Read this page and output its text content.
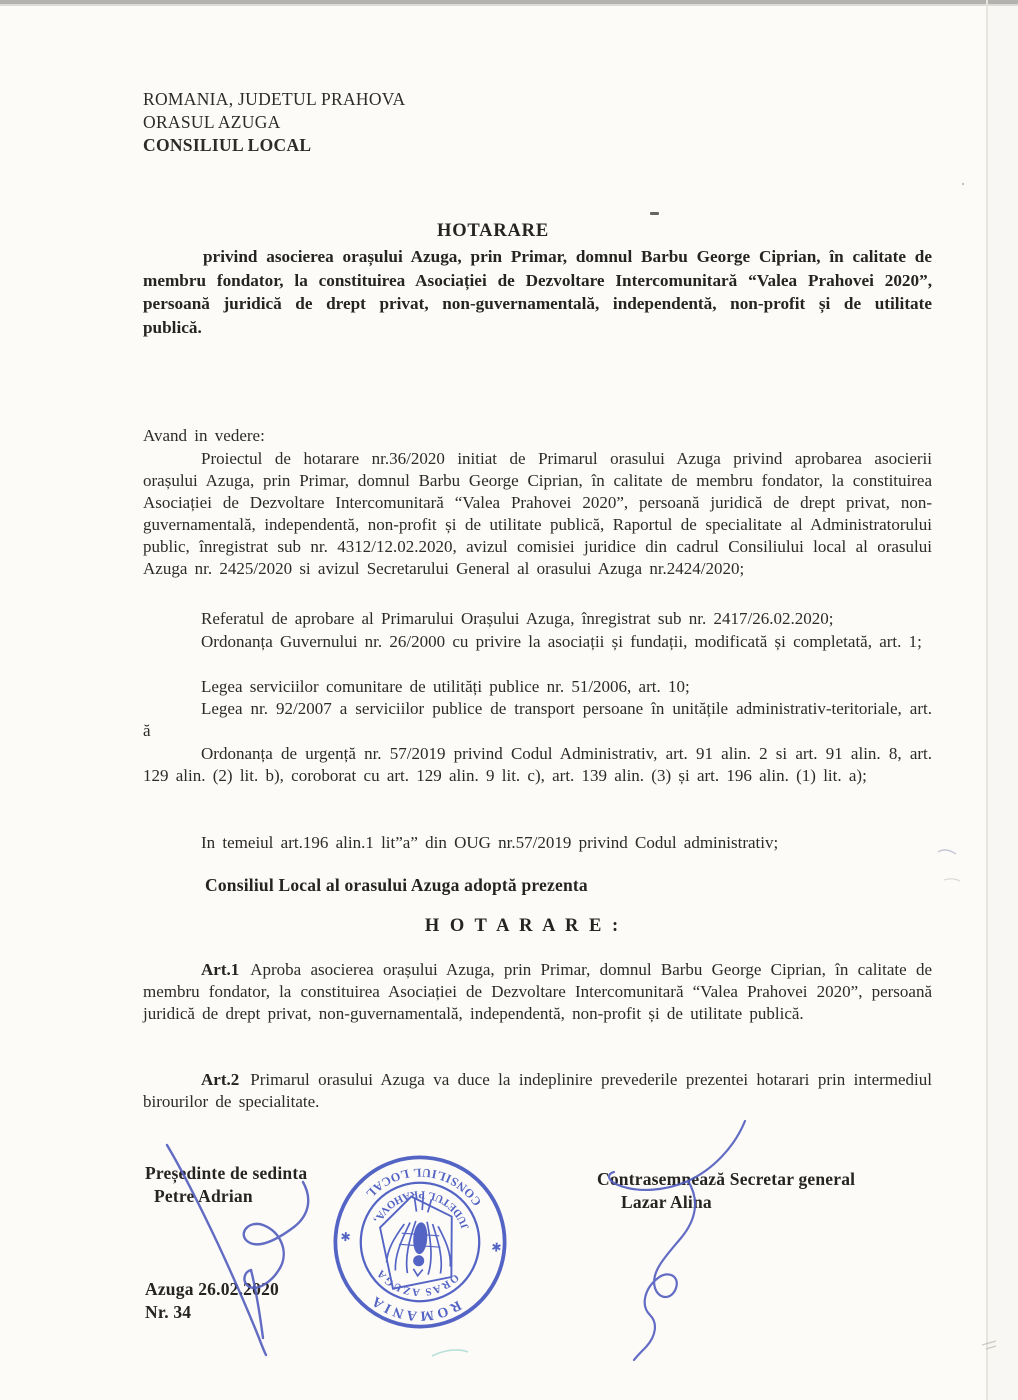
ROMANIA, JUDETUL PRAHOVA
ORASUL AZUGA
CONSILIUL LOCAL
HOTARARE

privind asocierea orașului Azuga, prin Primar, domnul Barbu George Ciprian, în calitate de membru fondator, la constituirea Asociației de Dezvoltare Intercomunitară “Valea Prahovei 2020”, persoană juridică de drept privat, non-guvernamentală, independentă, non-profit și de utilitate publică.

Avand in vedere:

Proiectul de hotarare nr.36/2020 initiat de Primarul orasului Azuga privind aprobarea asocierii orașului Azuga, prin Primar, domnul Barbu George Ciprian, în calitate de membru fondator, la constituirea Asociației de Dezvoltare Intercomunitară “Valea Prahovei 2020”, persoană juridică de drept privat, non-guvernamentală, independentă, non-profit și de utilitate publică, Raportul de specialitate al Administratorului public, înregistrat sub nr. 4312/12.02.2020, avizul comisiei juridice din cadrul Consiliului local al orasului Azuga nr. 2425/2020 si avizul Secretarului General al orasului Azuga nr.2424/2020;

Referatul de aprobare al Primarului Orașului Azuga, înregistrat sub nr. 2417/26.02.2020;

Ordonanța Guvernului nr. 26/2000 cu privire la asociații și fundații, modificată și completată, art. 1;

Legea serviciilor comunitare de utilități publice nr. 51/2006, art. 10;

Legea nr. 92/2007 a serviciilor publice de transport persoane în unitățile administrativ-teritoriale, art. ă

Ordonanța de urgență nr. 57/2019 privind Codul Administrativ, art. 91 alin. 2 si art. 91 alin. 8, art. 129 alin. (2) lit. b), coroborat cu art. 129 alin. 9 lit. c), art. 139 alin. (3) și art. 196 alin. (1) lit. a);

In temeiul art.196 alin.1 lit”a” din OUG nr.57/2019 privind Codul administrativ;

Consiliul Local al orasului Azuga adoptă prezenta

H O T A R A R E :

Art.1 Aproba asocierea orașului Azuga, prin Primar, domnul Barbu George Ciprian, în calitate de membru fondator, la constituirea Asociației de Dezvoltare Intercomunitară “Valea Prahovei 2020”, persoană juridică de drept privat, non-guvernamentală, independentă, non-profit și de utilitate publică.

Art.2 Primarul orasului Azuga va duce la indeplinire prevederile prezentei hotarari prin intermediul birourilor de specialitate.

Președinte de sedinta
Petre Adrian
Contrasemnează Secretar general
Lazar Alina
Azuga 26.02.2020
Nr. 34	ROMANIA
CONSILIUL LOCAL
JUDETUL PRAHOVA,
ORAS AZUGA
✱
✱
